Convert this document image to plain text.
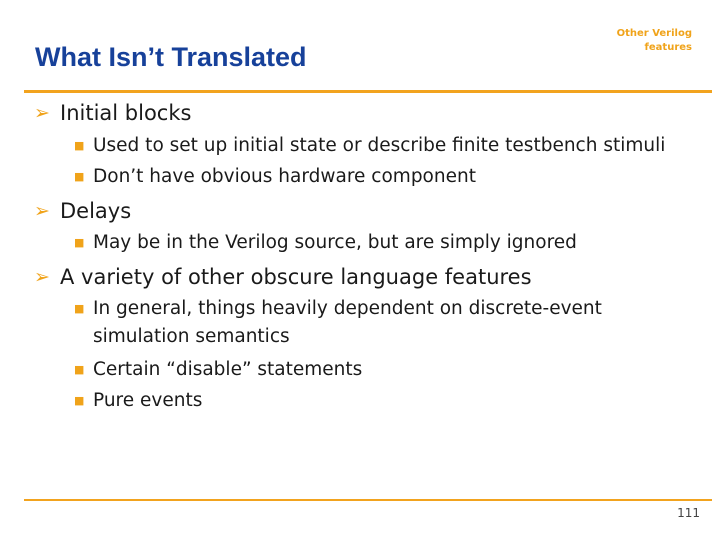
What Isn’t Translated
Other Verilog features
➢ Initial blocks
■ Used to set up initial state or describe finite testbench stimuli
■ Don’t have obvious hardware component
➢ Delays
■ May be in the Verilog source, but are simply ignored
➢ A variety of other obscure language features
■ In general, things heavily dependent on discrete-event simulation semantics
■ Certain “disable” statements
■ Pure events
111
